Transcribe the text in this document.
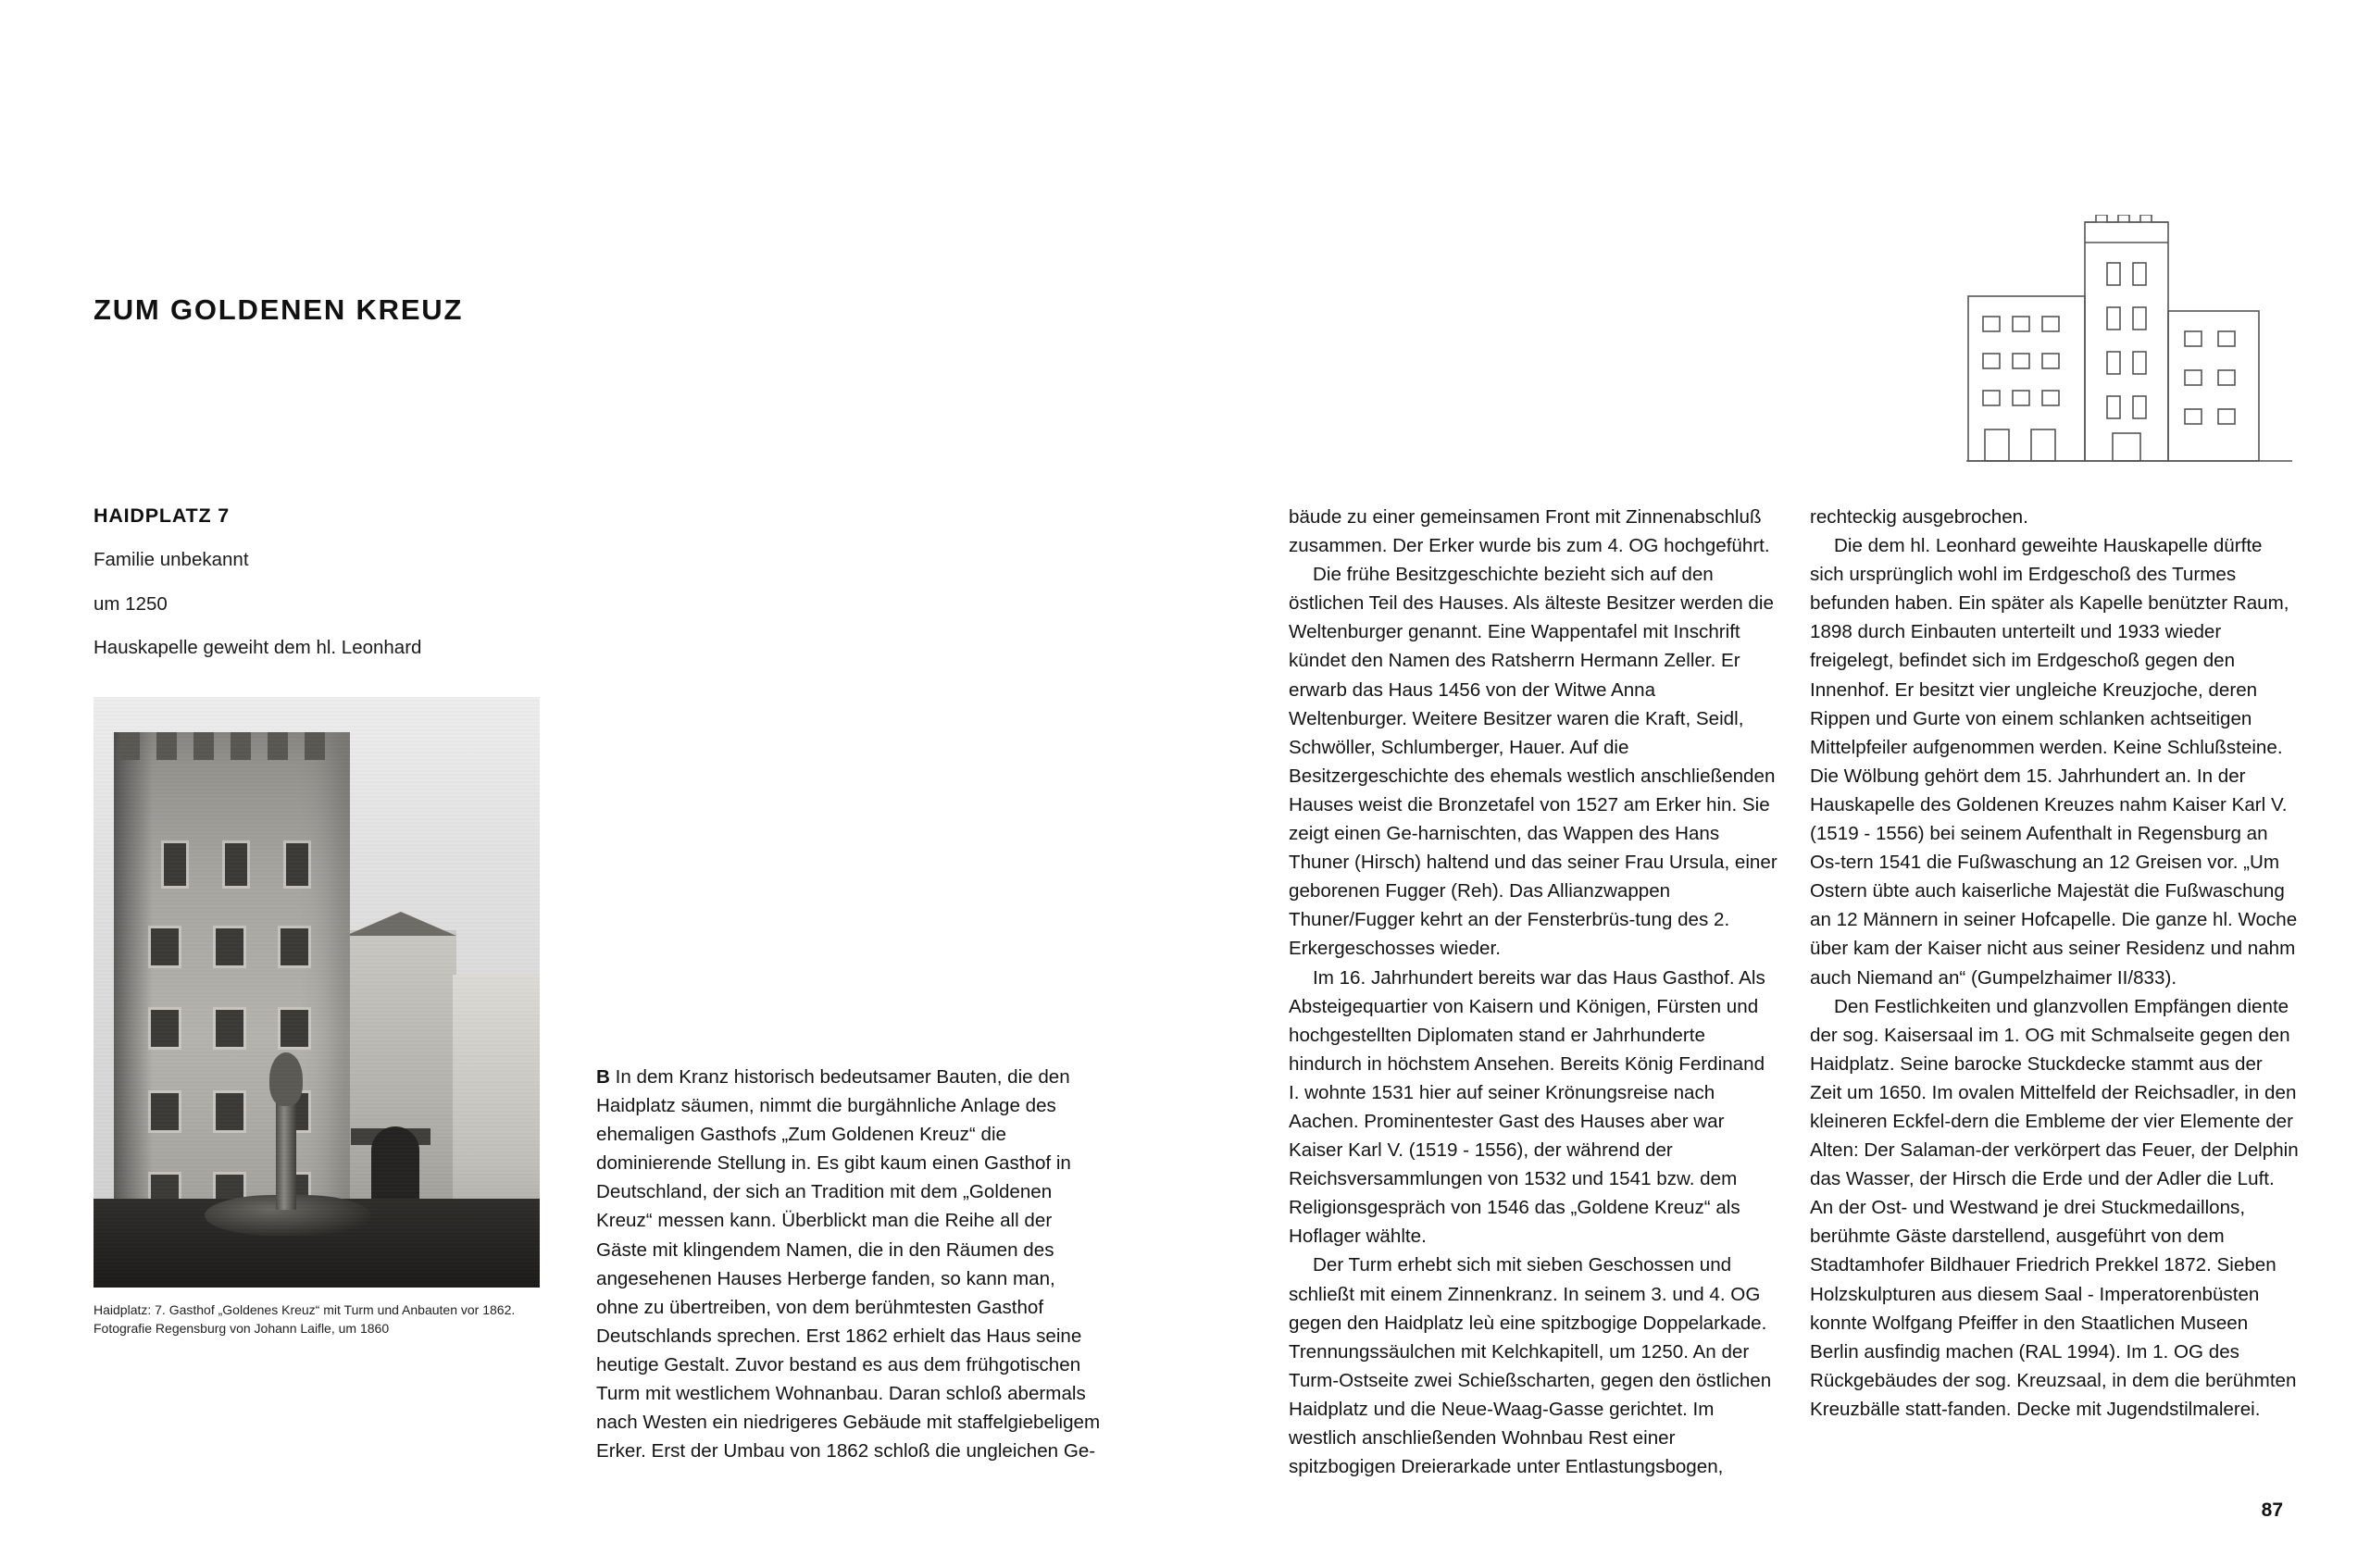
ZUM GOLDENEN KREUZ
HAIDPLATZ 7
Familie unbekannt
um 1250
Hauskapelle geweiht dem hl. Leonhard
Haidplatz: 7. Gasthof „Goldenes Kreuz“ mit Turm und Anbauten vor 1862.
Fotografie Regensburg von Johann Laifle, um 1860

B In dem Kranz historisch bedeutsamer Bauten, die den Haidplatz säumen, nimmt die burgähnliche Anlage des ehemaligen Gasthofs „Zum Goldenen Kreuz“ die dominierende Stellung in. Es gibt kaum einen Gasthof in Deutschland, der sich an Tradition mit dem „Goldenen Kreuz“ messen kann. Überblickt man die Reihe all der Gäste mit klingendem Namen, die in den Räumen des angesehenen Hauses Herberge fanden, so kann man, ohne zu übertreiben, von dem berühmtesten Gasthof Deutschlands sprechen. Erst 1862 erhielt das Haus seine heutige Gestalt. Zuvor bestand es aus dem frühgotischen Turm mit westlichem Wohnanbau. Daran schloß abermals nach Westen ein niedrigeres Gebäude mit staffelgiebeligem Erker. Erst der Umbau von 1862 schloß die ungleichen Ge-

bäude zu einer gemeinsamen Front mit Zinnenabschluß zusammen. Der Erker wurde bis zum 4. OG hochgeführt.

Die frühe Besitzgeschichte bezieht sich auf den östlichen Teil des Hauses. Als älteste Besitzer werden die Weltenburger genannt. Eine Wappentafel mit Inschrift kündet den Namen des Ratsherrn Hermann Zeller. Er erwarb das Haus 1456 von der Witwe Anna Weltenburger. Weitere Besitzer waren die Kraft, Seidl, Schwöller, Schlumberger, Hauer. Auf die Besitzergeschichte des ehemals westlich anschließenden Hauses weist die Bronzetafel von 1527 am Erker hin. Sie zeigt einen Ge-harnischten, das Wappen des Hans Thuner (Hirsch) haltend und das seiner Frau Ursula, einer geborenen Fugger (Reh). Das Allianzwappen Thuner/Fugger kehrt an der Fensterbrüs-tung des 2. Erkergeschosses wieder.

Im 16. Jahrhundert bereits war das Haus Gasthof. Als Absteigequartier von Kaisern und Königen, Fürsten und hochgestellten Diplomaten stand er Jahrhunderte hindurch in höchstem Ansehen. Bereits König Ferdinand I. wohnte 1531 hier auf seiner Krönungsreise nach Aachen. Prominentester Gast des Hauses aber war Kaiser Karl V. (1519 - 1556), der während der Reichsversammlungen von 1532 und 1541 bzw. dem Religionsgespräch von 1546 das „Goldene Kreuz“ als Hoflager wählte.

Der Turm erhebt sich mit sieben Geschossen und schließt mit einem Zinnenkranz. In seinem 3. und 4. OG gegen den Haidplatz leù eine spitzbogige Doppelarkade. Trennungssäulchen mit Kelchkapitell, um 1250. An der Turm-Ostseite zwei Schießscharten, gegen den östlichen Haidplatz und die Neue-Waag-Gasse gerichtet. Im westlich anschließenden Wohnbau Rest einer spitzbogigen Dreierarkade unter Entlastungsbogen,

rechteckig ausgebrochen.

Die dem hl. Leonhard geweihte Hauskapelle dürfte sich ursprünglich wohl im Erdgeschoß des Turmes befunden haben. Ein später als Kapelle benützter Raum, 1898 durch Einbauten unterteilt und 1933 wieder freigelegt, befindet sich im Erdgeschoß gegen den Innenhof. Er besitzt vier ungleiche Kreuzjoche, deren Rippen und Gurte von einem schlanken achtseitigen Mittelpfeiler aufgenommen werden. Keine Schlußsteine. Die Wölbung gehört dem 15. Jahrhundert an. In der Hauskapelle des Goldenen Kreuzes nahm Kaiser Karl V. (1519 - 1556) bei seinem Aufenthalt in Regensburg an Os-tern 1541 die Fußwaschung an 12 Greisen vor. „Um Ostern übte auch kaiserliche Majestät die Fußwaschung an 12 Männern in seiner Hofcapelle. Die ganze hl. Woche über kam der Kaiser nicht aus seiner Residenz und nahm auch Niemand an“ (Gumpelzhaimer II/833).

Den Festlichkeiten und glanzvollen Empfängen diente der sog. Kaisersaal im 1. OG mit Schmalseite gegen den Haidplatz. Seine barocke Stuckdecke stammt aus der Zeit um 1650. Im ovalen Mittelfeld der Reichsadler, in den kleineren Eckfel-dern die Embleme der vier Elemente der Alten: Der Salaman-der verkörpert das Feuer, der Delphin das Wasser, der Hirsch die Erde und der Adler die Luft. An der Ost- und Westwand je drei Stuckmedaillons, berühmte Gäste darstellend, ausgeführt von dem Stadtamhofer Bildhauer Friedrich Prekkel 1872. Sieben Holzskulpturen aus diesem Saal - Imperatorenbüsten konnte Wolfgang Pfeiffer in den Staatlichen Museen Berlin ausfindig machen (RAL 1994). Im 1. OG des Rückgebäudes der sog. Kreuzsaal, in dem die berühmten Kreuzbälle statt-fanden. Decke mit Jugendstilmalerei.

87
